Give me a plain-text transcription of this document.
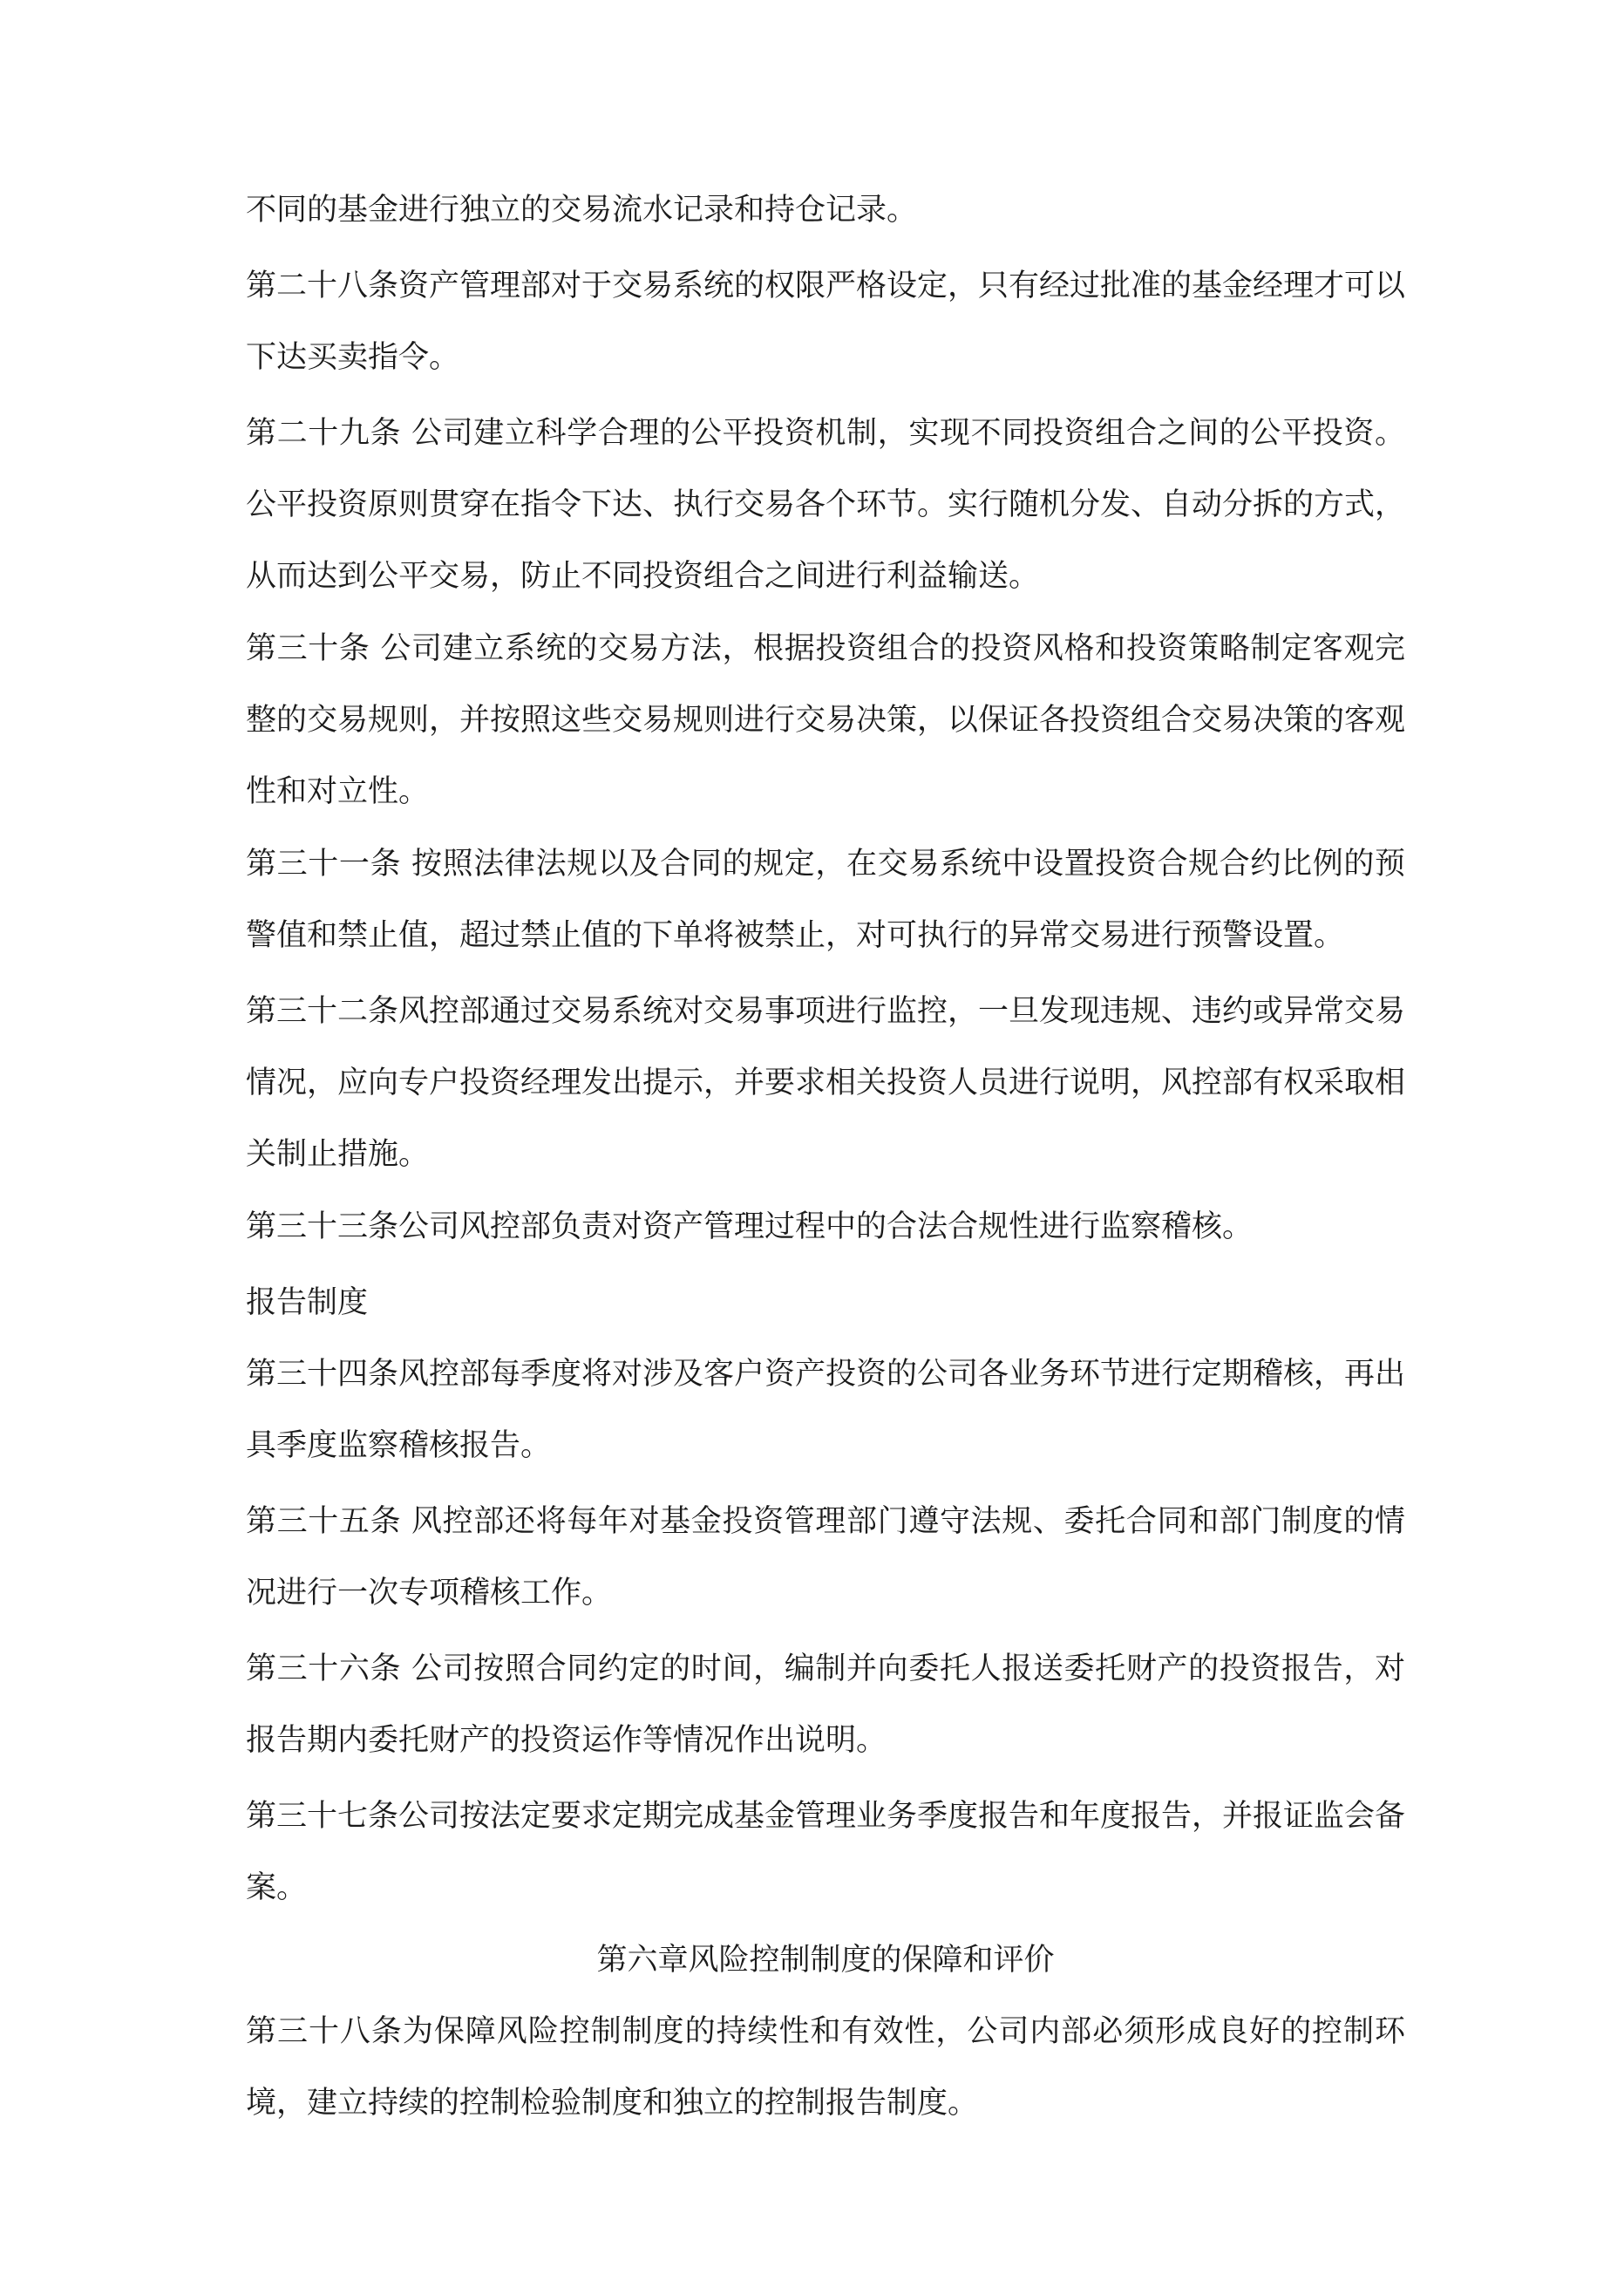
不同的基金进行独立的交易流水记录和持仓记录。

第二十八条资产管理部对于交易系统的权限严格设定，只有经过批准的基金经理才可以下达买卖指令。

第二十九条 公司建立科学合理的公平投资机制，实现不同投资组合之间的公平投资。公平投资原则贯穿在指令下达、执行交易各个环节。实行随机分发、自动分拆的方式，从而达到公平交易，防止不同投资组合之间进行利益输送。

第三十条 公司建立系统的交易方法，根据投资组合的投资风格和投资策略制定客观完整的交易规则，并按照这些交易规则进行交易决策，以保证各投资组合交易决策的客观性和对立性。

第三十一条 按照法律法规以及合同的规定，在交易系统中设置投资合规合约比例的预警值和禁止值，超过禁止值的下单将被禁止，对可执行的异常交易进行预警设置。

第三十二条风控部通过交易系统对交易事项进行监控，一旦发现违规、违约或异常交易情况，应向专户投资经理发出提示，并要求相关投资人员进行说明，风控部有权采取相关制止措施。

第三十三条公司风控部负责对资产管理过程中的合法合规性进行监察稽核。

报告制度

第三十四条风控部每季度将对涉及客户资产投资的公司各业务环节进行定期稽核，再出具季度监察稽核报告。

第三十五条 风控部还将每年对基金投资管理部门遵守法规、委托合同和部门制度的情况进行一次专项稽核工作。

第三十六条 公司按照合同约定的时间，编制并向委托人报送委托财产的投资报告，对报告期内委托财产的投资运作等情况作出说明。

第三十七条公司按法定要求定期完成基金管理业务季度报告和年度报告，并报证监会备案。

第六章风险控制制度的保障和评价

第三十八条为保障风险控制制度的持续性和有效性，公司内部必须形成良好的控制环境，建立持续的控制检验制度和独立的控制报告制度。
